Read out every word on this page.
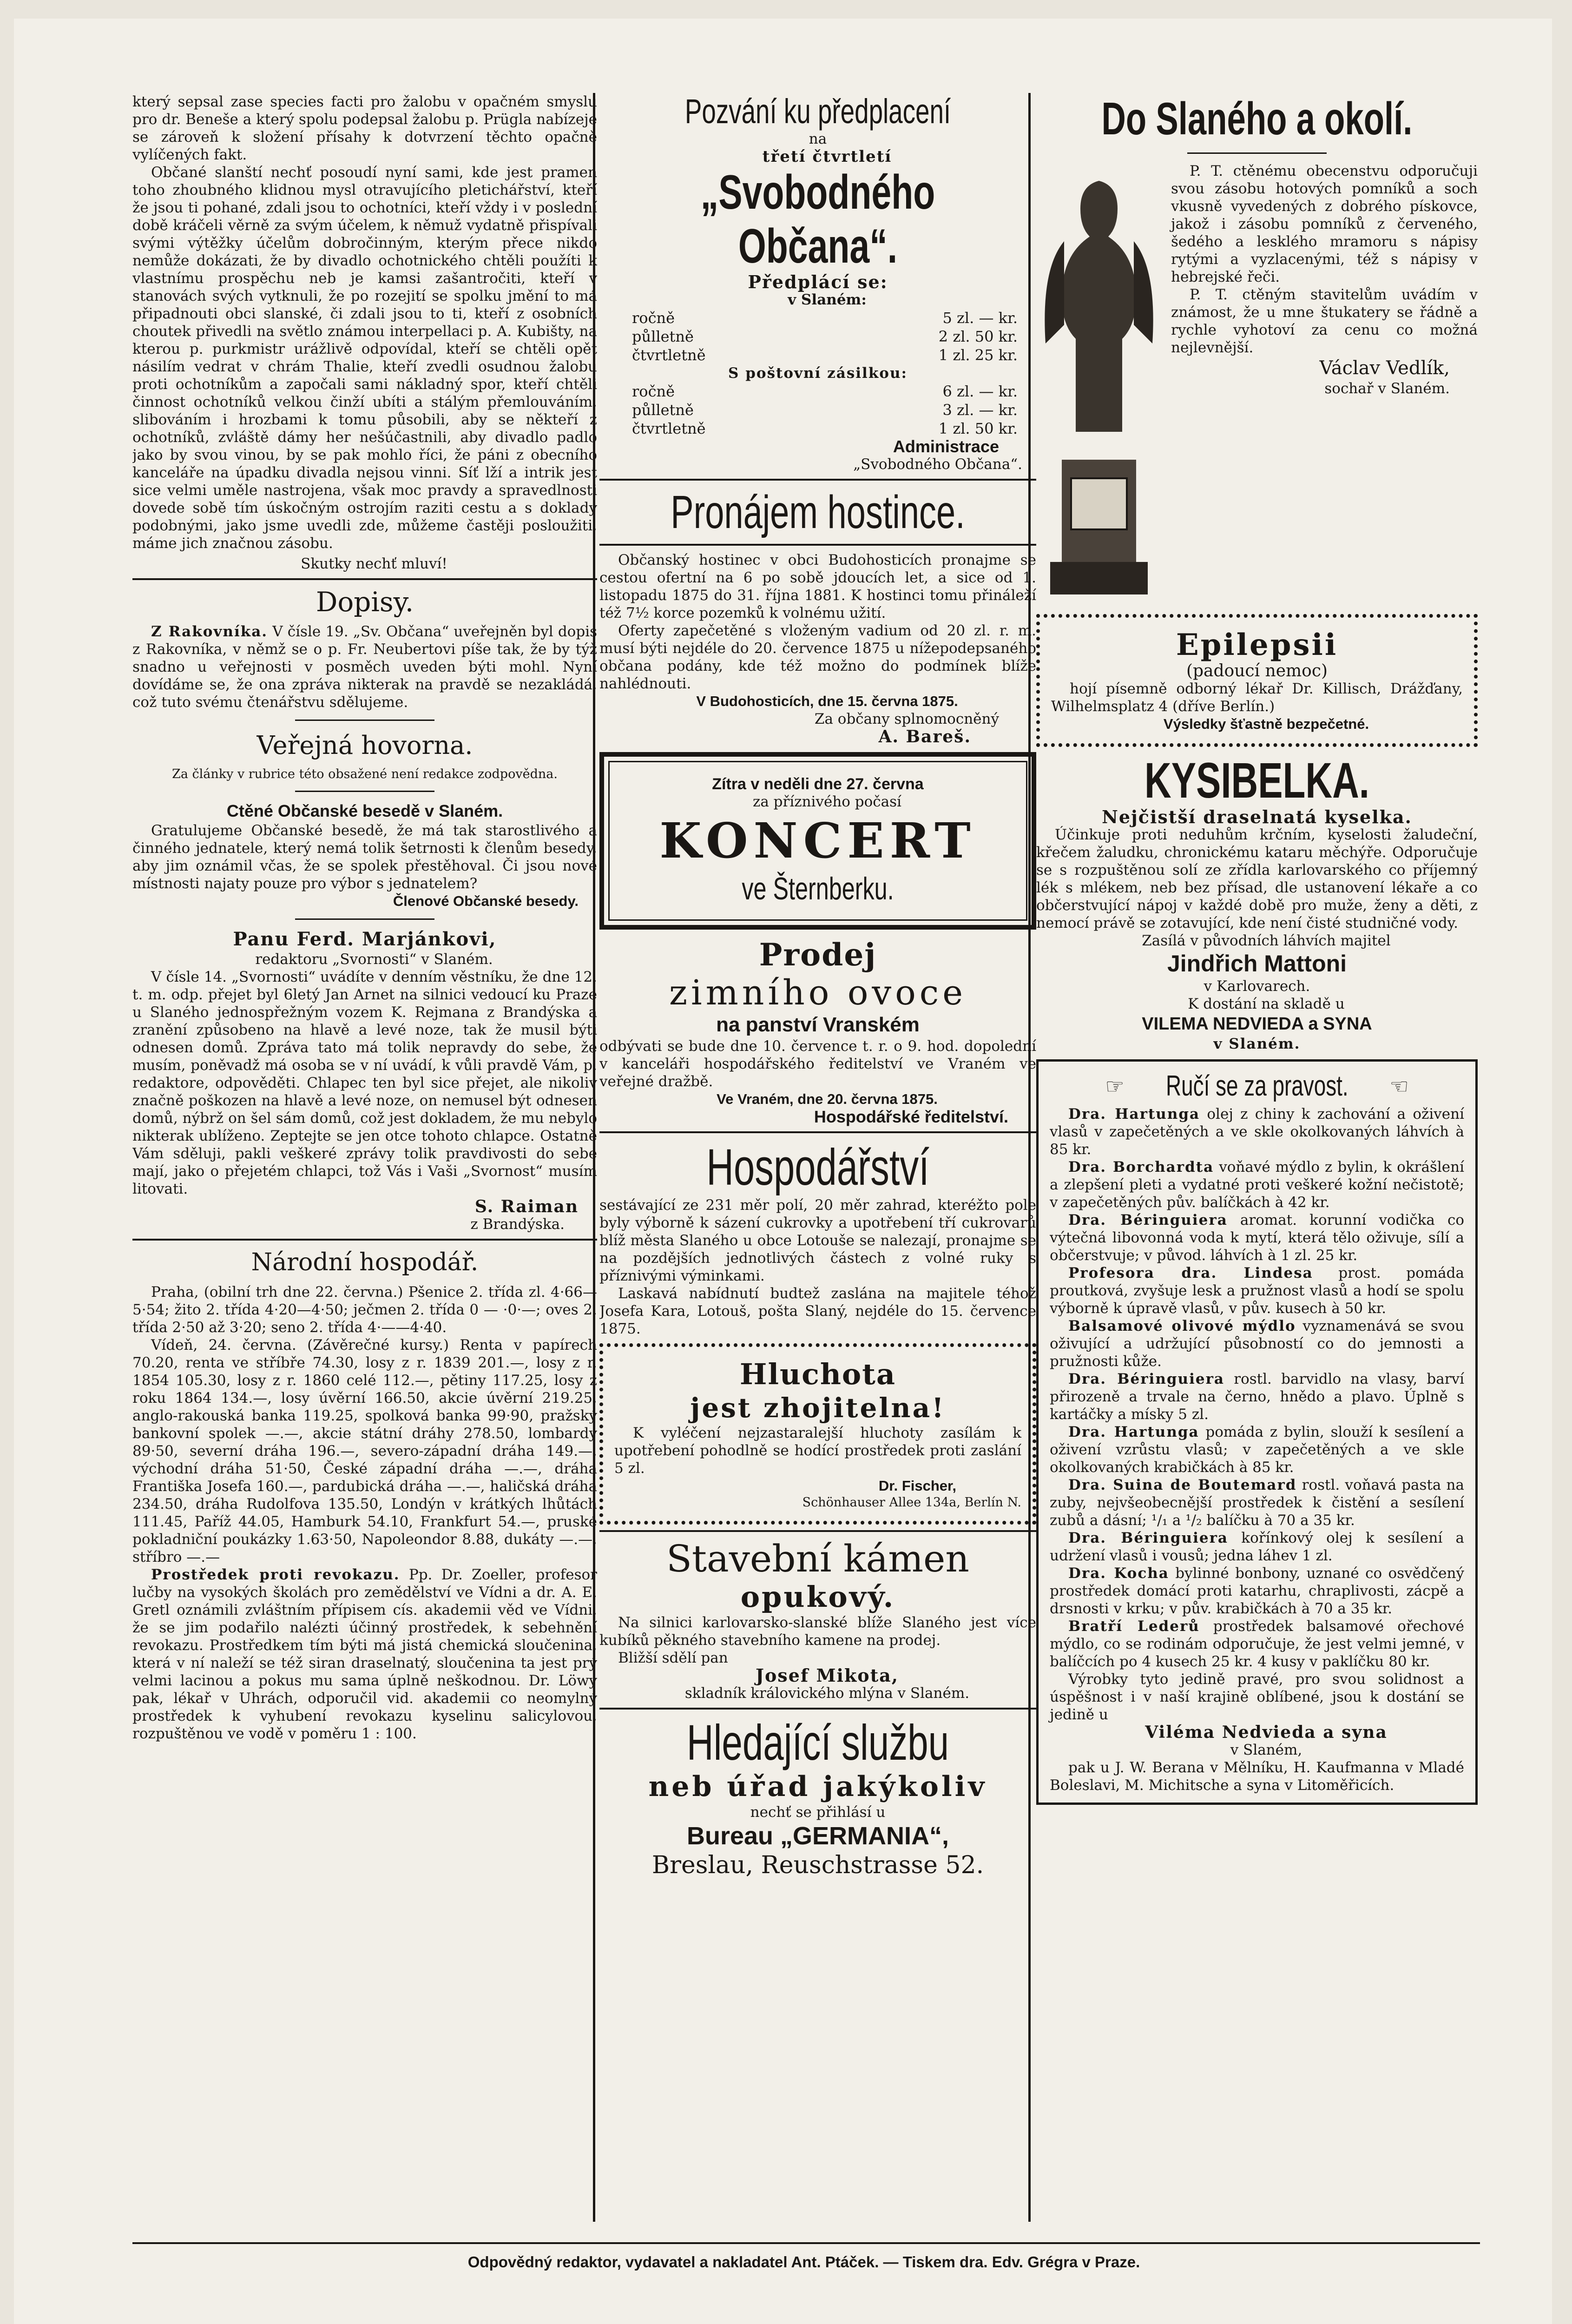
který sepsal zase species facti pro žalobu v opačném smyslu pro dr. Beneše a který spolu podepsal žalobu p. Prügla nabízeje se zároveň k složení přísahy k dotvrzení těchto opačně vylíčených fakt.

Občané slanští nechť posoudí nyní sami, kde jest pramen toho zhoubného klidnou mysl otravujícího pletichářství, kteří že jsou ti pohané, zdali jsou to ochotníci, kteří vždy i v poslední době kráčeli věrně za svým účelem, k němuž vydatně přispívali svými výtěžky účelům dobročinným, kterým přece nikdo nemůže dokázati, že by divadlo ochotnického chtěli použíti k vlastnímu prospěchu neb je kamsi zašantročiti, kteří v stanovách svých vytknuli, že po rozejití se spolku jmění to má připadnouti obci slanské, či zdali jsou to ti, kteří z osobních choutek přivedli na světlo známou interpellaci p. A. Kubišty, na kterou p. purkmistr urážlivě odpovídal, kteří se chtěli opět násilím vedrat v chrám Thalie, kteří zvedli osudnou žalobu proti ochotníkům a započali sami nákladný spor, kteří chtěli činnost ochotníků velkou činží ubíti a stálým přemlouváním, slibováním i hrozbami k tomu působili, aby se někteří z ochotníků, zvláště dámy her nešúčastnili, aby divadlo padlo jako by svou vinou, by se pak mohlo říci, že páni z obecního kanceláře na úpadku divadla nejsou vinni. Síť lží a intrik jest sice velmi uměle nastrojena, však moc pravdy a spravedlnosti dovede sobě tím úskočným ostrojím raziti cestu a s doklady podobnými, jako jsme uvedli zde, můžeme častěji posloužiti, máme jich značnou zásobu.

Skutky nechť mluví!

Dopisy.

Z Rakovníka. V čísle 19. „Sv. Občana“ uveřejněn byl dopis z Rakovníka, v němž se o p. Fr. Neubertovi píše tak, že by týž snadno u veřejnosti v posměch uveden býti mohl. Nyní dovídáme se, že ona zpráva nikterak na pravdě se nezakládá, což tuto svému čtenářstvu sdělujeme.

Veřejná hovorna.

Za články v rubrice této obsažené není redakce zodpovědna.

Ctěné Občanské besedě v Slaném.

Gratulujeme Občanské besedě, že má tak starostlivého a činného jednatele, který nemá tolik šetrnosti k členům besedy, aby jim oznámil včas, že se spolek přestěhoval. Či jsou nové místnosti najaty pouze pro výbor s jednatelem?

Členové Občanské besedy.

Panu Ferd. Marjánkovi,

redaktoru „Svornosti“ v Slaném.

V čísle 14. „Svornosti“ uvádíte v denním věstníku, že dne 12. t. m. odp. přejet byl 6letý Jan Arnet na silnici vedoucí ku Praze u Slaného jednospřežným vozem K. Rejmana z Brandýska a zranění způsobeno na hlavě a levé noze, tak že musil býti odnesen domů. Zpráva tato má tolik nepravdy do sebe, že musím, poněvadž má osoba se v ní uvádí, k vůli pravdě Vám, p. redaktore, odpověděti. Chlapec ten byl sice přejet, ale nikoliv značně poškozen na hlavě a levé noze, on nemusel být odnesen domů, nýbrž on šel sám domů, což jest dokladem, že mu nebylo nikterak ublíženo. Zeptejte se jen otce tohoto chlapce. Ostatně Vám sděluji, pakli veškeré zprávy tolik pravdivosti do sebe mají, jako o přejetém chlapci, tož Vás i Vaši „Svornost“ musím litovati.

S. Raiman

z Brandýska.

Národní hospodář.

Praha, (obilní trh dne 22. června.) Pšenice 2. třída zl. 4·66—5·54; žito 2. třída 4·20—4·50; ječmen 2. třída 0 — ·0·—; oves 2. třída 2·50 až 3·20; seno 2. třída 4·——4·40.

Vídeň, 24. června. (Závěrečné kursy.) Renta v papírech 70.20, renta ve stříbře 74.30, losy z r. 1839 201.—, losy z r. 1854 105.30, losy z r. 1860 celé 112.—, pětiny 117.25, losy z roku 1864 134.—, losy úvěrní 166.50, akcie úvěrní 219.25, anglo-rakouská banka 119.25, spolková banka 99·90, pražský bankovní spolek —.—, akcie státní dráhy 278.50, lombardy 89·50, severní dráha 196.—, severo-západní dráha 149.—, východní dráha 51·50, České západní dráha —.—, dráha Františka Josefa 160.—, pardubická dráha —.—, haličská dráha 234.50, dráha Rudolfova 135.50, Londýn v krátkých lhůtách 111.45, Paříž 44.05, Hamburk 54.10, Frankfurt 54.—, pruské pokladniční poukázky 1.63·50, Napoleondor 8.88, dukáty —.—, stříbro —.—

Prostředek proti revokazu. Pp. Dr. Zoeller, profesor lučby na vysokých školách pro zemědělství ve Vídni a dr. A. E. Gretl oznámili zvláštním přípisem cís. akademii věd ve Vídni, že se jim podařilo nalézti účinný prostředek, k sebehnění revokazu. Prostředkem tím býti má jistá chemická sloučenina, která v ní naleží se též siran draselnatý, sloučenina ta jest prý velmi lacinou a pokus mu sama úplně neškodnou. Dr. Löwy pak, lékař v Uhrách, odporučil vid. akademii co neomylný prostředek k vyhubení revokazu kyselinu salicylovou, rozpuštěnou ve vodě v poměru 1 : 100.

Pozvání ku předplacení

na

třetí čtvrtletí

„Svobodného Občana“.

Předplácí se:

v Slaném:

ročně	5 zl. — kr.
půlletně	2 zl. 50 kr.
čtvrtletně	1 zl. 25 kr.

S poštovní zásilkou:

ročně	6 zl. — kr.
půlletně	3 zl. — kr.
čtvrtletně	1 zl. 50 kr.

Administrace

„Svobodného Občana“.

Pronájem hostince.

Občanský hostinec v obci Budohosticích pronajme se cestou ofertní na 6 po sobě jdoucích let, a sice od 1. listopadu 1875 do 31. října 1881. K hostinci tomu přináleží též 7½ korce pozemků k volnému užití.

Oferty zapečetěné s vloženým vadium od 20 zl. r. m. musí býti nejdéle do 20. července 1875 u nížepodepsaného občana podány, kde též možno do podmínek blíže nahlédnouti.

V Budohosticích, dne 15. června 1875.

Za občany splnomocněný

A. Bareš.

Zítra v neděli dne 27. června

za příznivého počasí

KONCERT
ve Šternberku.
Prodej
zimního ovoce
na panství Vranském

odbývati se bude dne 10. července t. r. o 9. hod. dopolední v kanceláři hospodářského ředitelství ve Vraném ve veřejné dražbě.

Ve Vraném, dne 20. června 1875.

Hospodářské ředitelství.

Hospodářství

sestávající ze 231 měr polí, 20 měr zahrad, kteréžto pole byly výborně k sázení cukrovky a upotřebení tří cukrovarů blíž města Slaného u obce Lotouše se nalezají, pronajme se na pozdějších jednotlivých částech z volné ruky s příznivými výminkami.

Laskavá nabídnutí budtež zaslána na majitele téhož Josefa Kara, Lotouš, pošta Slaný, nejdéle do 15. července 1875.

Hluchota
jest zhojitelna!

K vyléčení nejzastaralejší hluchoty zasílám k upotřebení pohodlně se hodící prostředek proti zaslání 5 zl.

Dr. Fischer,

Schönhauser Allee 134a, Berlín N.

Stavební kámen
opukový.

Na silnici karlovarsko-slanské blíže Slaného jest více kubíků pěkného stavebního kamene na prodej.

Bližší sdělí pan

Josef Mikota,

skladník královického mlýna v Slaném.

Hledající službu
neb úřad jakýkoliv

nechť se přihlásí u

Bureau „GERMANIA“,
Breslau, Reuschstrasse 52.
Do Slaného a okolí.

P. T. ctěnému obecenstvu odporučuji svou zásobu hotových pomníků a soch vkusně vyvedených z dobrého pískovce, jakož i zásobu pomníků z červeného, šedého a lesklého mramoru s nápisy rytými a vyzlacenými, též s nápisy v hebrejské řeči.

P. T. ctěným stavitelům uvádím v známost, že u mne štukatery se řádně a rychle vyhotoví za cenu co možná nejlevnější.

Václav Vedlík,

sochař v Slaném.

Epilepsii

(padoucí nemoc)

hojí písemně odborný lékař Dr. Killisch, Drážďany, Wilhelmsplatz 4 (dříve Berlín.)

Výsledky šťastně bezpečetné.

KYSIBELKA.

Nejčistší draselnatá kyselka.

Účinkuje proti neduhům krčním, kyselosti žaludeční, křečem žaludku, chronickému kataru měchýře. Odporučuje se s rozpuštěnou solí ze zřídla karlovarského co příjemný lék s mlékem, neb bez přísad, dle ustanovení lékaře a co občerstvující nápoj v každé době pro muže, ženy a děti, z nemocí právě se zotavující, kde není čisté studničné vody.

Zasílá v původních láhvích majitel

Jindřich Mattoni

v Karlovarech.

K dostání na skladě u

VILEMA NEDVIEDA a SYNA

v Slaném.

☞ Ručí se za pravost. ☜

Dra. Hartunga olej z chiny k zachování a oživení vlasů v zapečetěných a ve skle okolkovaných láhvích à 85 kr.

Dra. Borchardta voňavé mýdlo z bylin, k okrášlení a zlepšení pleti a vydatné proti veškeré kožní nečistotě; v zapečetěných pův. balíčkách à 42 kr.

Dra. Béringuiera aromat. korunní vodička co výtečná libovonná voda k mytí, která tělo oživuje, sílí a občerstvuje; v původ. láhvích à 1 zl. 25 kr.

Profesora dra. Lindesa prost. pomáda proutková, zvyšuje lesk a pružnost vlasů a hodí se spolu výborně k úpravě vlasů, v pův. kusech à 50 kr.

Balsamové olivové mýdlo vyznamenává se svou oživující a udržující působností co do jemnosti a pružnosti kůže.

Dra. Béringuiera rostl. barvidlo na vlasy, barví přirozeně a trvale na černo, hnědo a plavo. Úplně s kartáčky a mísky 5 zl.

Dra. Hartunga pomáda z bylin, slouží k sesílení a oživení vzrůstu vlasů; v zapečetěných a ve skle okolkovaných krabičkách à 85 kr.

Dra. Suina de Boutemard rostl. voňavá pasta na zuby, nejvšeobecnější prostředek k čistění a sesílení zubů a dásní; ¹/₁ a ¹/₂ balíčku à 70 a 35 kr.

Dra. Béringuiera kořínkový olej k sesílení a udržení vlasů i vousů; jedna láhev 1 zl.

Dra. Kocha bylinné bonbony, uznané co osvědčený prostředek domácí proti katarhu, chraplivosti, zácpě a drsnosti v krku; v pův. krabičkách à 70 a 35 kr.

Bratří Lederů prostředek balsamové ořechové mýdlo, co se rodinám odporučuje, že jest velmi jemné, v balíčcích po 4 kusech 25 kr. 4 kusy v paklíčku 80 kr.

Výrobky tyto jedině pravé, pro svou solidnost a úspěšnost i v naší krajině oblíbené, jsou k dostání se jedině u

Viléma Nedvieda a syna

v Slaném,

pak u J. W. Berana v Mělníku, H. Kaufmanna v Mladé Boleslavi, M. Michitsche a syna v Litoměřicích.

Odpovědný redaktor, vydavatel a nakladatel Ant. Ptáček. — Tiskem dra. Edv. Grégra v Praze.
